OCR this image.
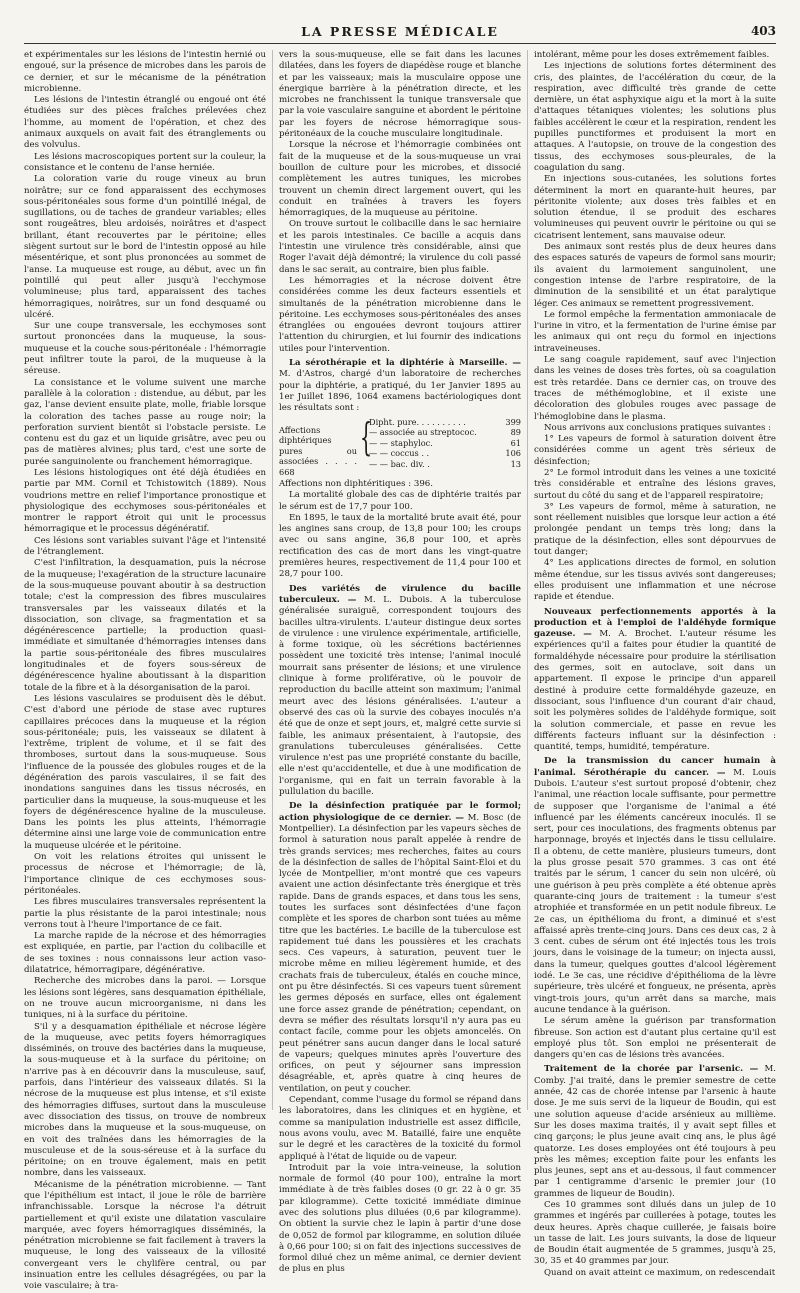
LA PRESSE MÉDICALE	403

et expérimentales sur les lésions de l'intestin hernié ou engoué, sur la présence de microbes dans les parois de ce dernier, et sur le mécanisme de la pénétration microbienne.

Les lésions de l'intestin étranglé ou engoué ont été étudiées sur des pièces fraîches prélevées chez l'homme, au moment de l'opération, et chez des animaux auxquels on avait fait des étranglements ou des volvulus.

Les lésions macroscopiques portent sur la couleur, la consistance et le contenu de l'anse herniée.

La coloration varie du rouge vineux au brun noirâtre; sur ce fond apparaissent des ecchymoses sous-péritonéales sous forme d'un pointillé inégal, de sugillations, ou de taches de grandeur variables; elles sont rougeâtres, bleu ardoisés, noirâtres et d'aspect brillant, étant recouvertes par le péritoine; elles siègent surtout sur le bord de l'intestin opposé au hile mésentérique, et sont plus prononcées au sommet de l'anse. La muqueuse est rouge, au début, avec un fin pointillé qui peut aller jusqu'à l'ecchymose volumineuse; plus tard, apparaissent des taches hémorragiques, noirâtres, sur un fond desquamé ou ulcéré.

Sur une coupe transversale, les ecchymoses sont surtout prononcées dans la muqueuse, la sous-muqueuse et la couche sous-péritonéale : l'hémorragie peut infiltrer toute la paroi, de la muqueuse à la séreuse.

La consistance et le volume suivent une marche parallèle à la coloration : distendue, au début, par les gaz, l'anse devient ensuite plate, molle, friable lorsque la coloration des taches passe au rouge noir; la perforation survient bientôt si l'obstacle persiste. Le contenu est du gaz et un liquide grisâtre, avec peu ou pas de matières alvines; plus tard, c'est une sorte de purée sanguinolente ou franchement hémorragique.

Les lésions histologiques ont été déjà étudiées en partie par MM. Cornil et Tchistowitch (1889). Nous voudrions mettre en relief l'importance pronostique et physiologique des ecchymoses sous-péritonéales et montrer le rapport étroit qui unit le processus hémorragique et le processus dégénératif.

Ces lésions sont variables suivant l'âge et l'intensité de l'étranglement.

C'est l'infiltration, la desquamation, puis la nécrose de la muqueuse; l'exagération de la structure lacunaire de la sous-muqueuse pouvant aboutir à sa destruction totale; c'est la compression des fibres musculaires transversales par les vaisseaux dilatés et la dissociation, son clivage, sa fragmentation et sa dégénérescence partielle; la production quasi-immédiate et simultanée d'hémorragies intenses dans la partie sous-péritonéale des fibres musculaires longitudinales et de foyers sous-séreux de dégénérescence hyaline aboutissant à la disparition totale de la fibre et à la désorganisation de la paroi.

Les lésions vasculaires se produisent dès le début. C'est d'abord une période de stase avec ruptures capillaires précoces dans la muqueuse et la région sous-péritonéale; puis, les vaisseaux se dilatent à l'extrême, triplent de volume, et il se fait des thromboses, surtout dans la sous-muqueuse. Sous l'influence de la poussée des globules rouges et de la dégénération des parois vasculaires, il se fait des inondations sanguines dans les tissus nécrosés, en particulier dans la muqueuse, la sous-muqueuse et les foyers de dégénérescence hyaline de la musculeuse. Dans les points les plus atteints, l'hémorragie détermine ainsi une large voie de communication entre la muqueuse ulcérée et le péritoine.

On voit les relations étroites qui unissent le processus de nécrose et l'hémorragie; de là, l'importance clinique de ces ecchymoses sous-péritonéales.

Les fibres musculaires transversales représentent la partie la plus résistante de la paroi intestinale; nous verrons tout à l'heure l'importance de ce fait.

La marche rapide de la nécrose et des hémorragies est expliquée, en partie, par l'action du colibacille et de ses toxines : nous connaissons leur action vaso-dilatatrice, hémorragipare, dégénérative.

Recherche des microbes dans la paroi. — Lorsque les lésions sont légères, sans desquamation épithéliale, on ne trouve aucun microorganisme, ni dans les tuniques, ni à la surface du péritoine.

S'il y a desquamation épithéliale et nécrose légère de la muqueuse, avec petits foyers hémorragiques disséminés, on trouve des bactéries dans la muqueuse, la sous-muqueuse et à la surface du péritoine; on n'arrive pas à en découvrir dans la musculeuse, sauf, parfois, dans l'intérieur des vaisseaux dilatés. Si la nécrose de la muqueuse est plus intense, et s'il existe des hémorragies diffuses, surtout dans la musculeuse avec dissociation des tissus, on trouve de nombreux microbes dans la muqueuse et la sous-muqueuse, on en voit des traînées dans les hémorragies de la musculeuse et de la sous-séreuse et à la surface du péritoine; on en trouve également, mais en petit nombre, dans les vaisseaux.

Mécanisme de la pénétration microbienne. — Tant que l'épithélium est intact, il joue le rôle de barrière infranchissable. Lorsque la nécrose l'a détruit partiellement et qu'il existe une dilatation vasculaire marquée, avec foyers hémorragiques disséminés, la pénétration microbienne se fait facilement à travers la muqueuse, le long des vaisseaux de la villosité convergeant vers le chylifère central, ou par insinuation entre les cellules désagrégées, ou par la voie vasculaire; à tra-

vers la sous-muqueuse, elle se fait dans les lacunes dilatées, dans les foyers de diapédèse rouge et blanche et par les vaisseaux; mais la musculaire oppose une énergique barrière à la pénétration directe, et les microbes ne franchissent la tunique transversale que par la voie vasculaire sanguine et abordent le péritoine par les foyers de nécrose hémorragique sous-péritonéaux de la couche musculaire longitudinale.

Lorsque la nécrose et l'hémorragie combinées ont fait de la muqueuse et de la sous-muqueuse un vrai bouillon de culture pour les microbes, et dissocié complètement les autres tuniques, les microbes trouvent un chemin direct largement ouvert, qui les conduit en traînées à travers les foyers hémorragiques, de la muqueuse au péritoine.

On trouve surtout le colibacille dans le sac herniaire et les parois intestinales. Ce bacille a acquis dans l'intestin une virulence très considérable, ainsi que Roger l'avait déjà démontré; la virulence du coli passé dans le sac serait, au contraire, bien plus faible.

Les hémorragies et la nécrose doivent être considérées comme les deux facteurs essentiels et simultanés de la pénétration microbienne dans le péritoine. Les ecchymoses sous-péritonéales des anses étranglées ou engouées devront toujours attirer l'attention du chirurgien, et lui fournir des indications utiles pour l'intervention.

La sérothérapie et la diphtérie à Marseille. — M. d'Astros, chargé d'un laboratoire de recherches pour la diphtérie, a pratiqué, du 1er Janvier 1895 au 1er Juillet 1896, 1064 examens bactériologiques dont les résultats sont :

Affections diphtériques pures ou associées . . . . 668
{
Dipht. pure. . . . . . . . . .	399
— associée au streptococ.	89
— — staphyloc.	61
— — coccus . .	106
— — bac. div. .	13

Affections non diphtéritiques : 396.

La mortalité globale des cas de diphtérie traités par le sérum est de 17,7 pour 100.

En 1895, le taux de la mortalité brute avait été, pour les angines sans croup, de 13,8 pour 100; les croups avec ou sans angine, 36,8 pour 100, et après rectification des cas de mort dans les vingt-quatre premières heures, respectivement de 11,4 pour 100 et 28,7 pour 100.

Des variétés de virulence du bacille tuberculeux. — M. L. Dubois. A la tuberculose généralisée suraiguë, correspondent toujours des bacilles ultra-virulents. L'auteur distingue deux sortes de virulence : une virulence expérimentale, artificielle, à forme toxique, où les sécrétions bactériennes possèdent une toxicité très intense; l'animal inoculé mourrait sans présenter de lésions; et une virulence clinique à forme proliférative, où le pouvoir de reproduction du bacille atteint son maximum; l'animal meurt avec des lésions généralisées. L'auteur a observé des cas où la survie des cobayes inoculés n'a été que de onze et sept jours, et, malgré cette survie si faible, les animaux présentaient, à l'autopsie, des granulations tuberculeuses généralisées. Cette virulence n'est pas une propriété constante du bacille, elle n'est qu'accidentelle, et due à une modification de l'organisme, qui en fait un terrain favorable à la pullulation du bacille.

De la désinfection pratiquée par le formol; action physiologique de ce dernier. — M. Bosc (de Montpellier). La désinfection par les vapeurs sèches de formol à saturation nous paraît appelée à rendre de très grands services; mes recherches, faites au cours de la désinfection de salles de l'hôpital Saint-Éloi et du lycée de Montpellier, m'ont montré que ces vapeurs avaient une action désinfectante très énergique et très rapide. Dans de grands espaces, et dans tous les sens, toutes les surfaces sont désinfectées d'une façon complète et les spores de charbon sont tuées au même titre que les bactéries. Le bacille de la tuberculose est rapidement tué dans les poussières et les crachats secs. Ces vapeurs, à saturation, peuvent tuer le microbe même en milieu légèrement humide, et des crachats frais de tuberculeux, étalés en couche mince, ont pu être désinfectés. Si ces vapeurs tuent sûrement les germes déposés en surface, elles ont également une force assez grande de pénétration; cependant, on devra se méfier des résultats lorsqu'il n'y aura pas eu contact facile, comme pour les objets amoncelés. On peut pénétrer sans aucun danger dans le local saturé de vapeurs; quelques minutes après l'ouverture des orifices, on peut y séjourner sans impression désagréable, et, après quatre à cinq heures de ventilation, on peut y coucher.

Cependant, comme l'usage du formol se répand dans les laboratoires, dans les cliniques et en hygiène, et comme sa manipulation industrielle est assez difficile, nous avons voulu, avec M. Bataillé, faire une enquête sur le degré et les caractères de la toxicité du formol appliqué à l'état de liquide ou de vapeur.

Introduit par la voie intra-veineuse, la solution normale de formol (40 pour 100), entraîne la mort immédiate à de très faibles doses (0 gr. 22 à 0 gr. 35 par kilogramme). Cette toxicité immédiate diminue avec des solutions plus diluées (0,6 par kilogramme). On obtient la survie chez le lapin à partir d'une dose de 0,052 de formol par kilogramme, en solution diluée à 0,66 pour 100; si on fait des injections successives de formol dilué chez un même animal, ce dernier devient de plus en plus

intolérant, même pour les doses extrêmement faibles.

Les injections de solutions fortes déterminent des cris, des plaintes, de l'accélération du cœur, de la respiration, avec difficulté très grande de cette dernière, un état asphyxique aigu et la mort à la suite d'attaques tétaniques violentes; les solutions plus faibles accélèrent le cœur et la respiration, rendent les pupilles punctiformes et produisent la mort en attaques. A l'autopsie, on trouve de la congestion des tissus, des ecchymoses sous-pleurales, de la coagulation du sang.

En injections sous-cutanées, les solutions fortes déterminent la mort en quarante-huit heures, par péritonite violente; aux doses très faibles et en solution étendue, il se produit des eschares volumineuses qui peuvent ouvrir le péritoine ou qui se cicatrisent lentement, sans mauvaise odeur.

Des animaux sont restés plus de deux heures dans des espaces saturés de vapeurs de formol sans mourir; ils avaient du larmoiement sanguinolent, une congestion intense de l'arbre respiratoire, de la diminution de la sensibilité et un état paralytique léger. Ces animaux se remettent progressivement.

Le formol empêche la fermentation ammoniacale de l'urine in vitro, et la fermentation de l'urine émise par les animaux qui ont reçu du formol en injections intraveineuses.

Le sang coagule rapidement, sauf avec l'injection dans les veines de doses très fortes, où sa coagulation est très retardée. Dans ce dernier cas, on trouve des traces de méthémoglobine, et il existe une décoloration des globules rouges avec passage de l'hémoglobine dans le plasma.

Nous arrivons aux conclusions pratiques suivantes :

1° Les vapeurs de formol à saturation doivent être considérées comme un agent très sérieux de désinfection;

2° Le formol introduit dans les veines a une toxicité très considérable et entraîne des lésions graves, surtout du côté du sang et de l'appareil respiratoire;

3° Les vapeurs de formol, même à saturation, ne sont réellement nuisibles que lorsque leur action a été prolongée pendant un temps très long; dans la pratique de la désinfection, elles sont dépourvues de tout danger;

4° Les applications directes de formol, en solution même étendue, sur les tissus avivés sont dangereuses; elles produisent une inflammation et une nécrose rapide et étendue.

Nouveaux perfectionnements apportés à la production et à l'emploi de l'aldéhyde formique gazeuse. — M. A. Brochet. L'auteur résume les expériences qu'il a faites pour étudier la quantité de formaldéhyde nécessaire pour produire la stérilisation des germes, soit en autoclave, soit dans un appartement. Il expose le principe d'un appareil destiné à produire cette formaldéhyde gazeuze, en dissociant, sous l'influence d'un courant d'air chaud, soit les polymères solides de l'aldéhyde formique, soit la solution commerciale, et passe en revue les différents facteurs influant sur la désinfection : quantité, temps, humidité, température.

De la transmission du cancer humain à l'animal. Sérothérapie du cancer. — M. Louis Dubois. L'auteur s'est surtout proposé d'obtenir, chez l'animal, une réaction locale suffisante, pour permettre de supposer que l'organisme de l'animal a été influencé par les éléments cancéreux inoculés. Il se sert, pour ces inoculations, des fragments obtenus par harponnage, broyés et injectés dans le tissu cellulaire. Il a obtenu, de cette manière, plusieurs tumeurs, dont la plus grosse pesait 570 grammes. 3 cas ont été traités par le sérum, 1 cancer du sein non ulcéré, où une guérison à peu près complète a été obtenue après quarante-cinq jours de traitement : la tumeur s'est atrophiée et transformée en un petit nodule fibreux. Le 2e cas, un épithélioma du front, a diminué et s'est affaissé après trente-cinq jours. Dans ces deux cas, 2 à 3 cent. cubes de sérum ont été injectés tous les trois jours, dans le voisinage de la tumeur; on injecta aussi, dans la tumeur, quelques gouttes d'alcool légèrement iodé. Le 3e cas, une récidive d'épithélioma de la lèvre supérieure, très ulcéré et fongueux, ne présenta, après vingt-trois jours, qu'un arrêt dans sa marche, mais aucune tendance à la guérison.

Le sérum amène la guérison par transformation fibreuse. Son action est d'autant plus certaine qu'il est employé plus tôt. Son emploi ne présenterait de dangers qu'en cas de lésions très avancées.

Traitement de la chorée par l'arsenic. — M. Comby. J'ai traité, dans le premier semestre de cette année, 42 cas de chorée intense par l'arsenic à haute dose. Je me suis servi de la liqueur de Boudin, qui est une solution aqueuse d'acide arsénieux au millième. Sur les doses maxima traités, il y avait sept filles et cinq garçons; le plus jeune avait cinq ans, le plus âgé quatorze. Les doses employées ont été toujours à peu près les mêmes; exception faite pour les enfants les plus jeunes, sept ans et au-dessous, il faut commencer par 1 centigramme d'arsenic le premier jour (10 grammes de liqueur de Boudin).

Ces 10 grammes sont dilués dans un julep de 10 grammes et ingérés par cuillerées à potage, toutes les deux heures. Après chaque cuillerée, je faisais boire un tasse de lait. Les jours suivants, la dose de liqueur de Boudin était augmentée de 5 grammes, jusqu'à 25, 30, 35 et 40 grammes par jour.

Quand on avait atteint ce maximum, on redescendait
